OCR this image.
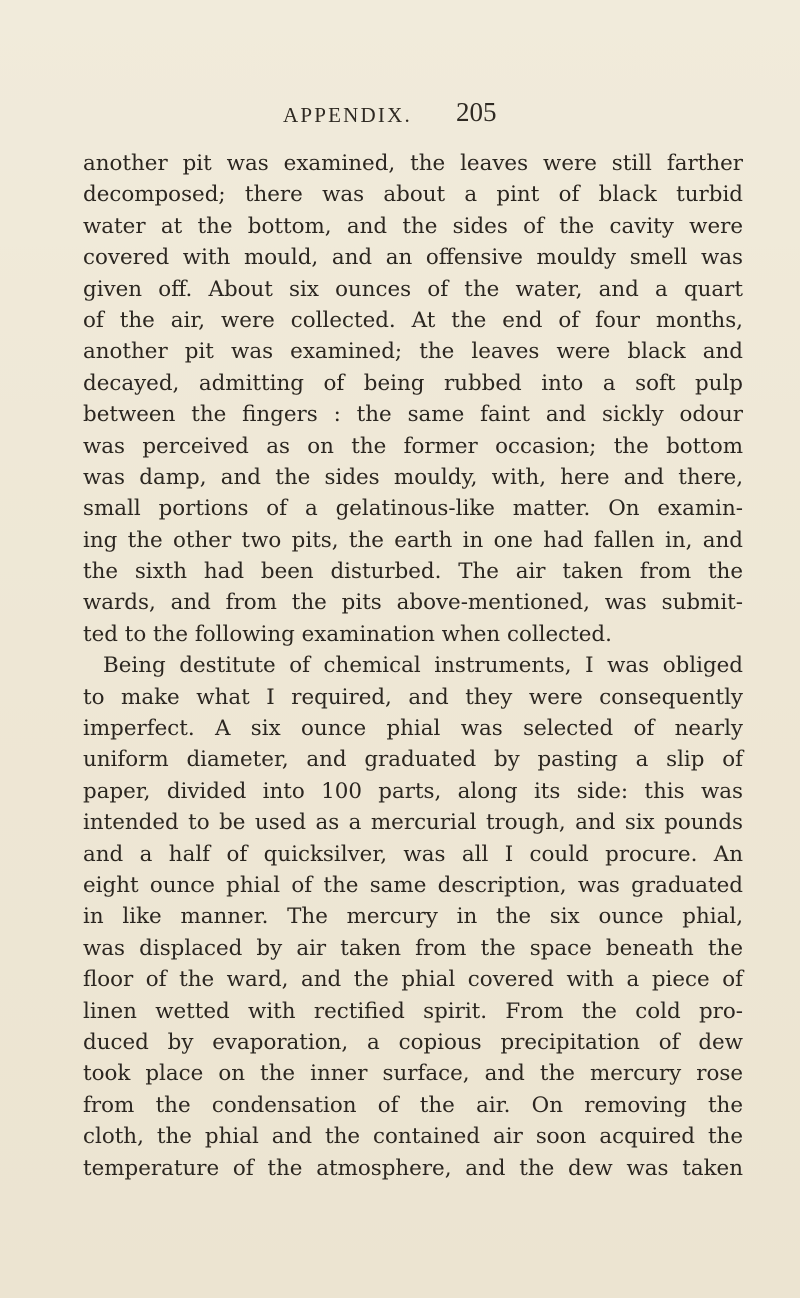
APPENDIX. 205
another pit was examined, the leaves were still farther
decomposed; there was about a pint of black turbid
water at the bottom, and the sides of the cavity were
covered with mould, and an offensive mouldy smell was
given off. About six ounces of the water, and a quart
of the air, were collected. At the end of four months,
another pit was examined; the leaves were black and
decayed, admitting of being rubbed into a soft pulp
between the fingers : the same faint and sickly odour
was perceived as on the former occasion; the bottom
was damp, and the sides mouldy, with, here and there,
small portions of a gelatinous-like matter. On examin-
ing the other two pits, the earth in one had fallen in, and
the sixth had been disturbed. The air taken from the
wards, and from the pits above-mentioned, was submit-
ted to the following examination when collected.
Being destitute of chemical instruments, I was obliged
to make what I required, and they were consequently
imperfect. A six ounce phial was selected of nearly
uniform diameter, and graduated by pasting a slip of
paper, divided into 100 parts, along its side: this was
intended to be used as a mercurial trough, and six pounds
and a half of quicksilver, was all I could procure. An
eight ounce phial of the same description, was graduated
in like manner. The mercury in the six ounce phial,
was displaced by air taken from the space beneath the
floor of the ward, and the phial covered with a piece of
linen wetted with rectified spirit. From the cold pro-
duced by evaporation, a copious precipitation of dew
took place on the inner surface, and the mercury rose
from the condensation of the air. On removing the
cloth, the phial and the contained air soon acquired the
temperature of the atmosphere, and the dew was taken
